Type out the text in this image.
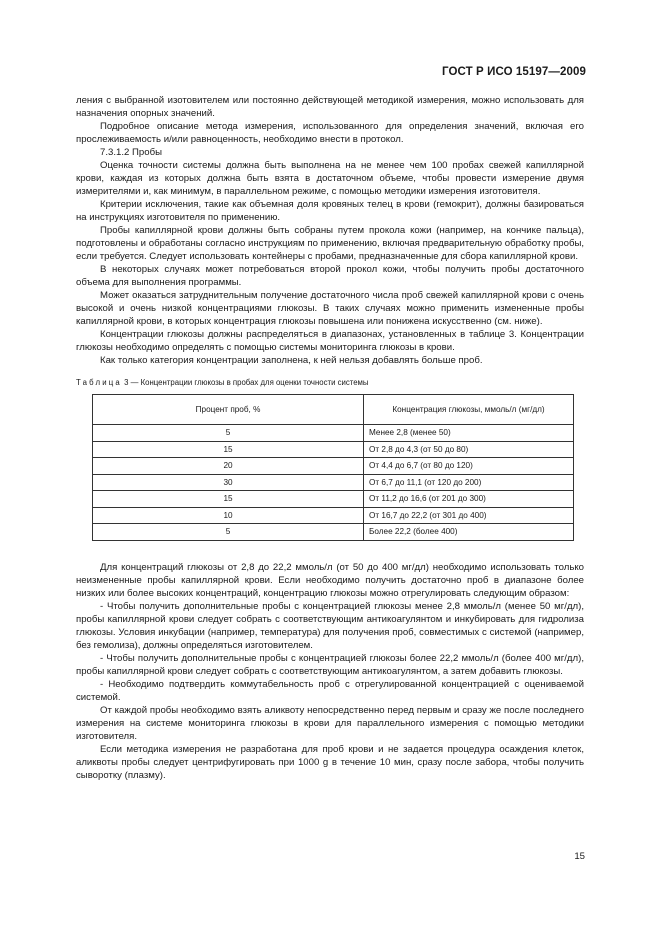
ГОСТ Р ИСО 15197—2009

ления с выбранной изотовителем или постоянно действующей методикой измерения, можно использовать для назначения опорных значений.

Подробное описание метода измерения, использованного для определения значений, включая его прослеживаемость и/или равноценность, необходимо внести в протокол.

7.3.1.2 Пробы

Оценка точности системы должна быть выполнена на не менее чем 100 пробах свежей капиллярной крови, каждая из которых должна быть взята в достаточном объеме, чтобы провести измерение двумя измерителями и, как минимум, в параллельном режиме, с помощью методики измерения изготовителя.

Критерии исключения, такие как объемная доля кровяных телец в крови (гемокрит), должны базироваться на инструкциях изготовителя по применению.

Пробы капиллярной крови должны быть собраны путем прокола кожи (например, на кончике пальца), подготовлены и обработаны согласно инструкциям по применению, включая предварительную обработку пробы, если требуется. Следует использовать контейнеры с пробами, предназначенные для сбора капиллярной крови.

В некоторых случаях может потребоваться второй прокол кожи, чтобы получить пробы достаточного объема для выполнения программы.

Может оказаться затруднительным получение достаточного числа проб свежей капиллярной крови с очень высокой и очень низкой концентрациями глюкозы. В таких случаях можно применить измененные пробы капиллярной крови, в которых концентрация глюкозы повышена или понижена искусственно (см. ниже).

Концентрации глюкозы должны распределяться в диапазонах, установленных в таблице 3. Концентрации глюкозы необходимо определять с помощью системы мониторинга глюкозы в крови.

Как только категория концентрации заполнена, к ней нельзя добавлять больше проб.

Таблица 3 — Концентрации глюкозы в пробах для оценки точности системы
Процент проб, %	Концентрация глюкозы, ммоль/л (мг/дл)
5	Менее 2,8 (менее 50)
15	От 2,8 до 4,3 (от 50 до 80)
20	От 4,4 до 6,7 (от 80 до 120)
30	От 6,7 до 11,1 (от 120 до 200)
15	От 11,2 до 16,6 (от 201 до 300)
10	От 16,7 до 22,2 (от 301 до 400)
5	Более 22,2 (более 400)

Для концентраций глюкозы от 2,8 до 22,2 ммоль/л (от 50 до 400 мг/дл) необходимо использовать только неизмененные пробы капиллярной крови. Если необходимо получить достаточно проб в диапазоне более низких или более высоких концентраций, концентрацию глюкозы можно отрегулировать следующим образом:

- Чтобы получить дополнительные пробы с концентрацией глюкозы менее 2,8 ммоль/л (менее 50 мг/дл), пробы капиллярной крови следует собрать с соответствующим антикоагулянтом и инкубировать для гидролиза глюкозы. Условия инкубации (например, температура) для получения проб, совместимых с системой (например, без гемолиза), должны определяться изготовителем.

- Чтобы получить дополнительные пробы с концентрацией глюкозы более 22,2 ммоль/л (более 400 мг/дл), пробы капиллярной крови следует собрать с соответствующим антикоагулянтом, а затем добавить глюкозы.

- Необходимо подтвердить коммутабельность проб с отрегулированной концентрацией с оцениваемой системой.

От каждой пробы необходимо взять аликвоту непосредственно перед первым и сразу же после последнего измерения на системе мониторинга глюкозы в крови для параллельного измерения с помощью методики изготовителя.

Если методика измерения не разработана для проб крови и не задается процедура осаждения клеток, аликвоты пробы следует центрифугировать при 1000 g в течение 10 мин, сразу после забора, чтобы получить сыворотку (плазму).

15
